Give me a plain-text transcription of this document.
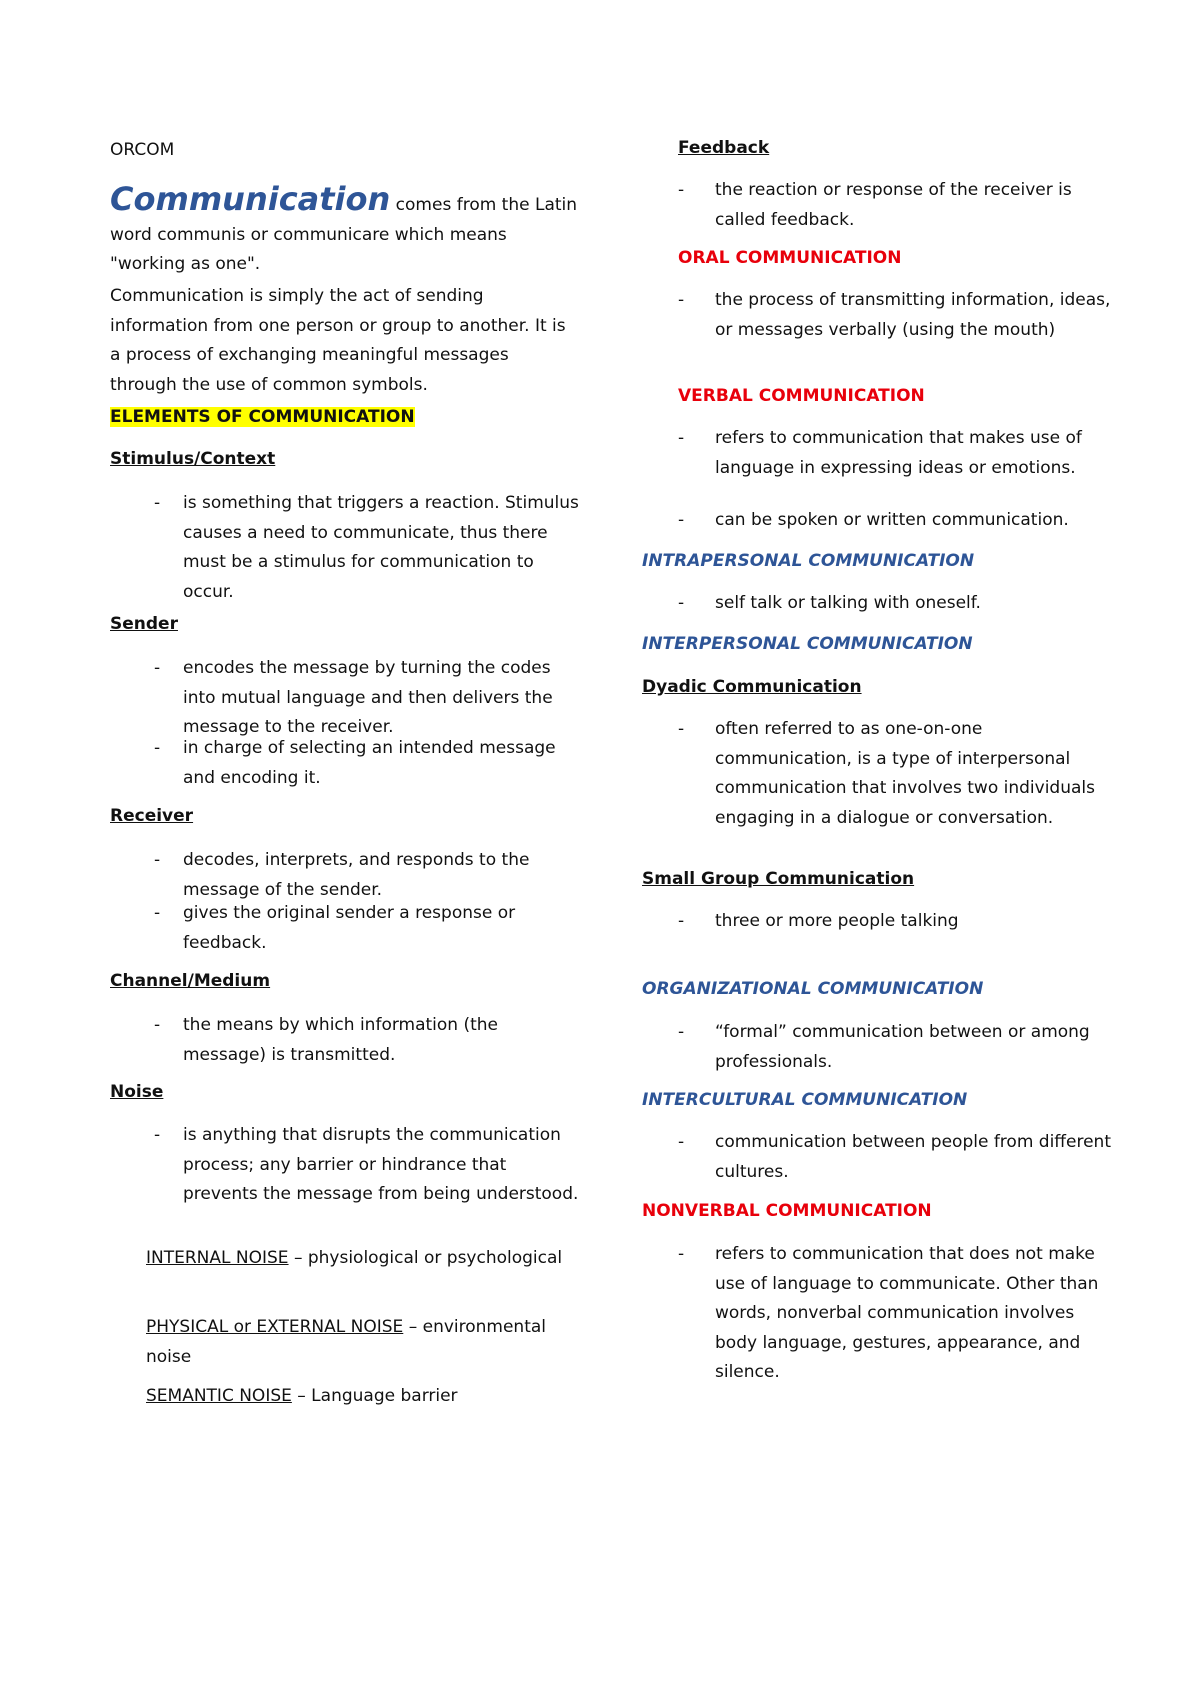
ORCOM

Communication comes from the Latin word communis or communicare which means "working as one".

Communication is simply the act of sending information from one person or group to another. It is a process of exchanging meaningful messages through the use of common symbols.
ELEMENTS OF COMMUNICATION
Stimulus/Context
- is something that triggers a reaction. Stimulus causes a need to communicate, thus there must be a stimulus for communication to occur.
Sender
- encodes the message by turning the codes into mutual language and then delivers the message to the receiver.
- in charge of selecting an intended message and encoding it.
Receiver
- decodes, interprets, and responds to the message of the sender.
- gives the original sender a response or feedback.
Channel/Medium
- the means by which information (the message) is transmitted.
Noise
- is anything that disrupts the communication process; any barrier or hindrance that prevents the message from being understood.
INTERNAL NOISE – physiological or psychological
PHYSICAL or EXTERNAL NOISE – environmental noise
SEMANTIC NOISE – Language barrier
Feedback
- the reaction or response of the receiver is called feedback.
ORAL COMMUNICATION
- the process of transmitting information, ideas, or messages verbally (using the mouth)
VERBAL COMMUNICATION
- refers to communication that makes use of language in expressing ideas or emotions.
- can be spoken or written communication.
INTRAPERSONAL COMMUNICATION
- self talk or talking with oneself.
INTERPERSONAL COMMUNICATION
Dyadic Communication
- often referred to as one-on-one communication, is a type of interpersonal communication that involves two individuals engaging in a dialogue or conversation.
Small Group Communication
- three or more people talking
ORGANIZATIONAL COMMUNICATION
- “formal” communication between or among professionals.
INTERCULTURAL COMMUNICATION
- communication between people from different cultures.
NONVERBAL COMMUNICATION
- refers to communication that does not make use of language to communicate. Other than words, nonverbal communication involves body language, gestures, appearance, and silence.
